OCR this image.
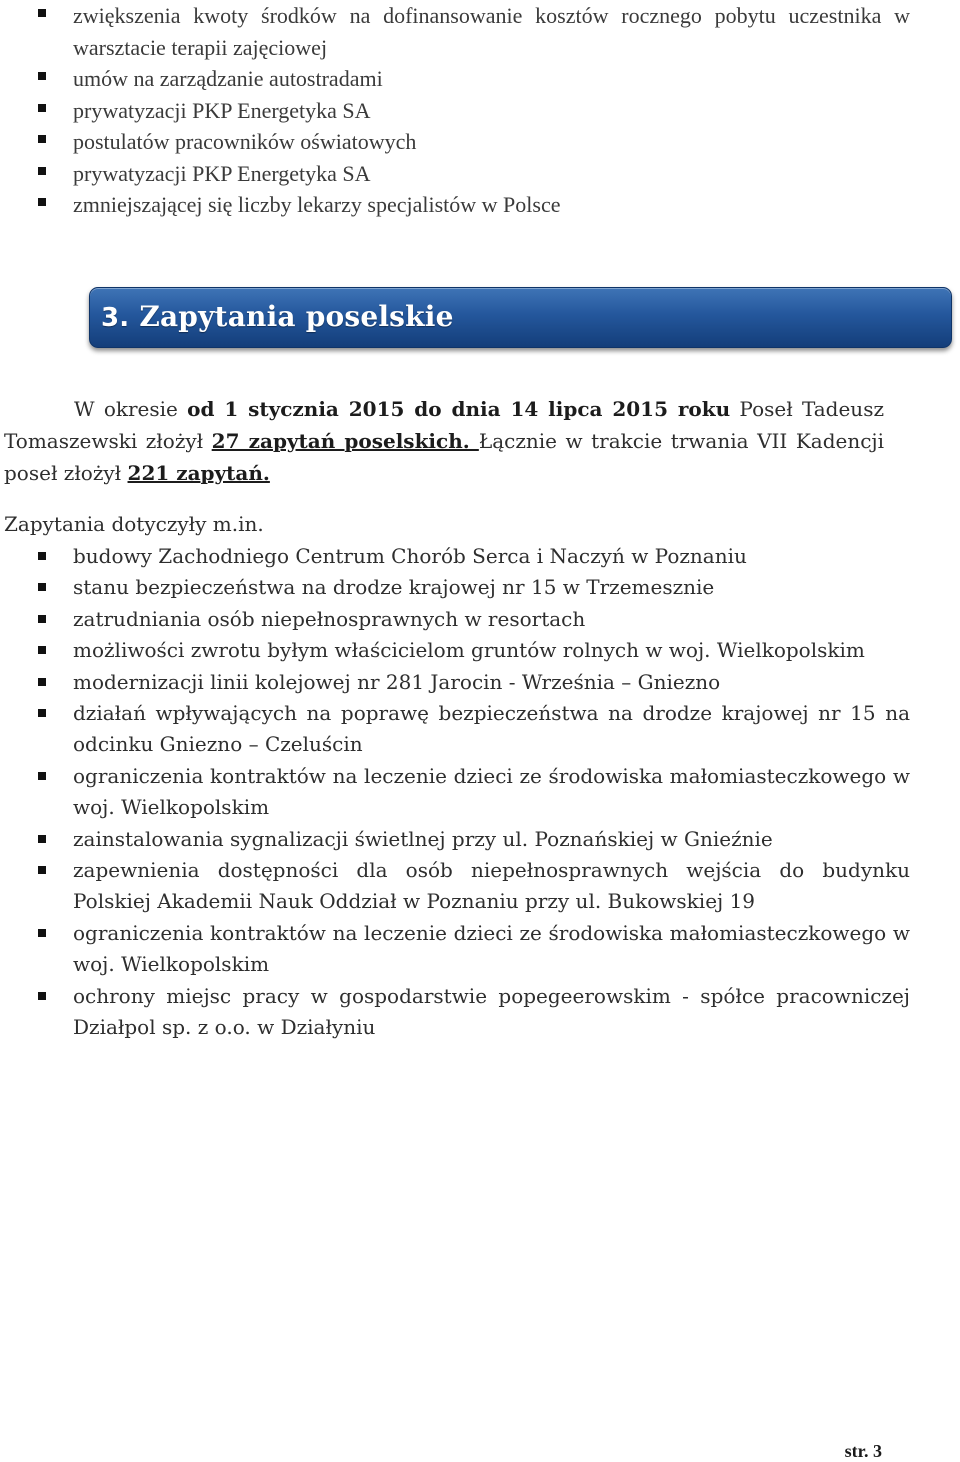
zwiększenia kwoty środków na dofinansowanie kosztów rocznego pobytu uczestnika w warsztacie terapii zajęciowej
umów na zarządzanie autostradami
prywatyzacji PKP Energetyka SA
postulatów pracowników oświatowych
prywatyzacji PKP Energetyka SA
zmniejszającej się liczby lekarzy specjalistów w Polsce
3. Zapytania poselskie

W okresie od 1 stycznia 2015 do dnia 14 lipca 2015 roku Poseł Tadeusz Tomaszewski złożył 27 zapytań poselskich. Łącznie w trakcie trwania VII Kadencji poseł złożył 221 zapytań.

Zapytania dotyczyły m.in.

budowy Zachodniego Centrum Chorób Serca i Naczyń w Poznaniu
stanu bezpieczeństwa na drodze krajowej nr 15 w Trzemesznie
zatrudniania osób niepełnosprawnych w resortach
możliwości zwrotu byłym właścicielom gruntów rolnych w woj. Wielkopolskim
modernizacji linii kolejowej nr 281 Jarocin - Września – Gniezno
działań wpływających na poprawę bezpieczeństwa na drodze krajowej nr 15 na odcinku Gniezno – Czeluścin
ograniczenia kontraktów na leczenie dzieci ze środowiska małomiasteczkowego w woj. Wielkopolskim
zainstalowania sygnalizacji świetlnej przy ul. Poznańskiej w Gnieźnie
zapewnienia dostępności dla osób niepełnosprawnych wejścia do budynku Polskiej Akademii Nauk Oddział w Poznaniu przy ul. Bukowskiej 19
ograniczenia kontraktów na leczenie dzieci ze środowiska małomiasteczkowego w woj. Wielkopolskim
ochrony miejsc pracy w gospodarstwie popegeerowskim - spółce pracowniczej Działpol sp. z o.o. w Działyniu

str. 3
